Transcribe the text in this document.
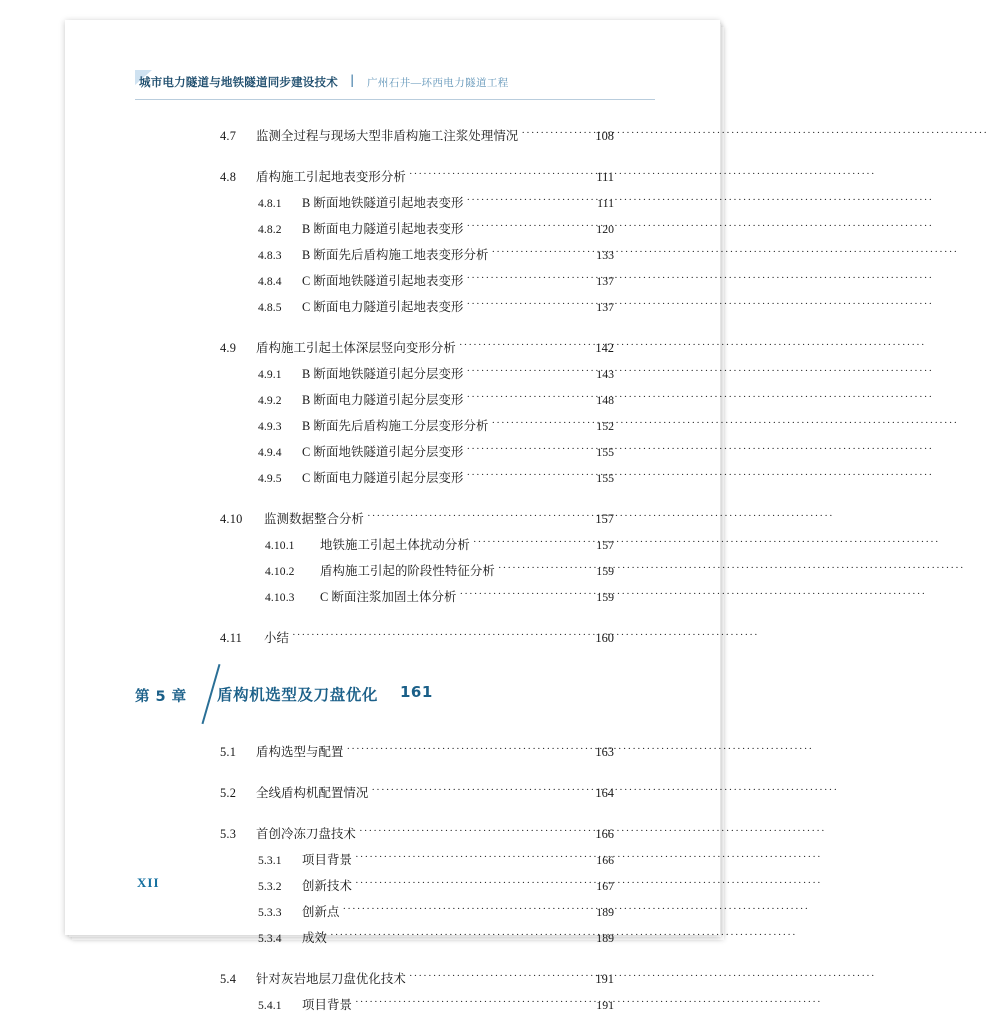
城市电力隧道与地铁隧道同步建设技术 | 广州石井—环西电力隧道工程
4.7	监测全过程与现场大型非盾构施工注浆处理情况 ·····	108
4.8	盾构施工引起地表变形分析 ·····	111
4.8.1	B 断面地铁隧道引起地表变形 ·····	111
4.8.2	B 断面电力隧道引起地表变形 ·····	120
4.8.3	B 断面先后盾构施工地表变形分析 ·····	133
4.8.4	C 断面地铁隧道引起地表变形 ·····	137
4.8.5	C 断面电力隧道引起地表变形 ·····	137
4.9	盾构施工引起土体深层竖向变形分析 ·····	142
4.9.1	B 断面地铁隧道引起分层变形 ·····	143
4.9.2	B 断面电力隧道引起分层变形 ·····	148
4.9.3	B 断面先后盾构施工分层变形分析 ·····	152
4.9.4	C 断面地铁隧道引起分层变形 ·····	155
4.9.5	C 断面电力隧道引起分层变形 ·····	155
4.10	监测数据整合分析 ·····	157
4.10.1	地铁施工引起土体扰动分析 ·····	157
4.10.2	盾构施工引起的阶段性特征分析 ·····	159
4.10.3	C 断面注浆加固土体分析 ·····	159
4.11	小结 ·····	160
第 5 章 盾构机选型及刀盘优化 161
5.1	盾构选型与配置 ·····	163
5.2	全线盾构机配置情况 ·····	164
5.3	首创冷冻刀盘技术 ·····	166
5.3.1	项目背景 ·····	166
5.3.2	创新技术 ·····	167
5.3.3	创新点 ·····	189
5.3.4	成效 ·····	189
5.4	针对灰岩地层刀盘优化技术 ·····	191
5.4.1	项目背景 ·····	191
XII
